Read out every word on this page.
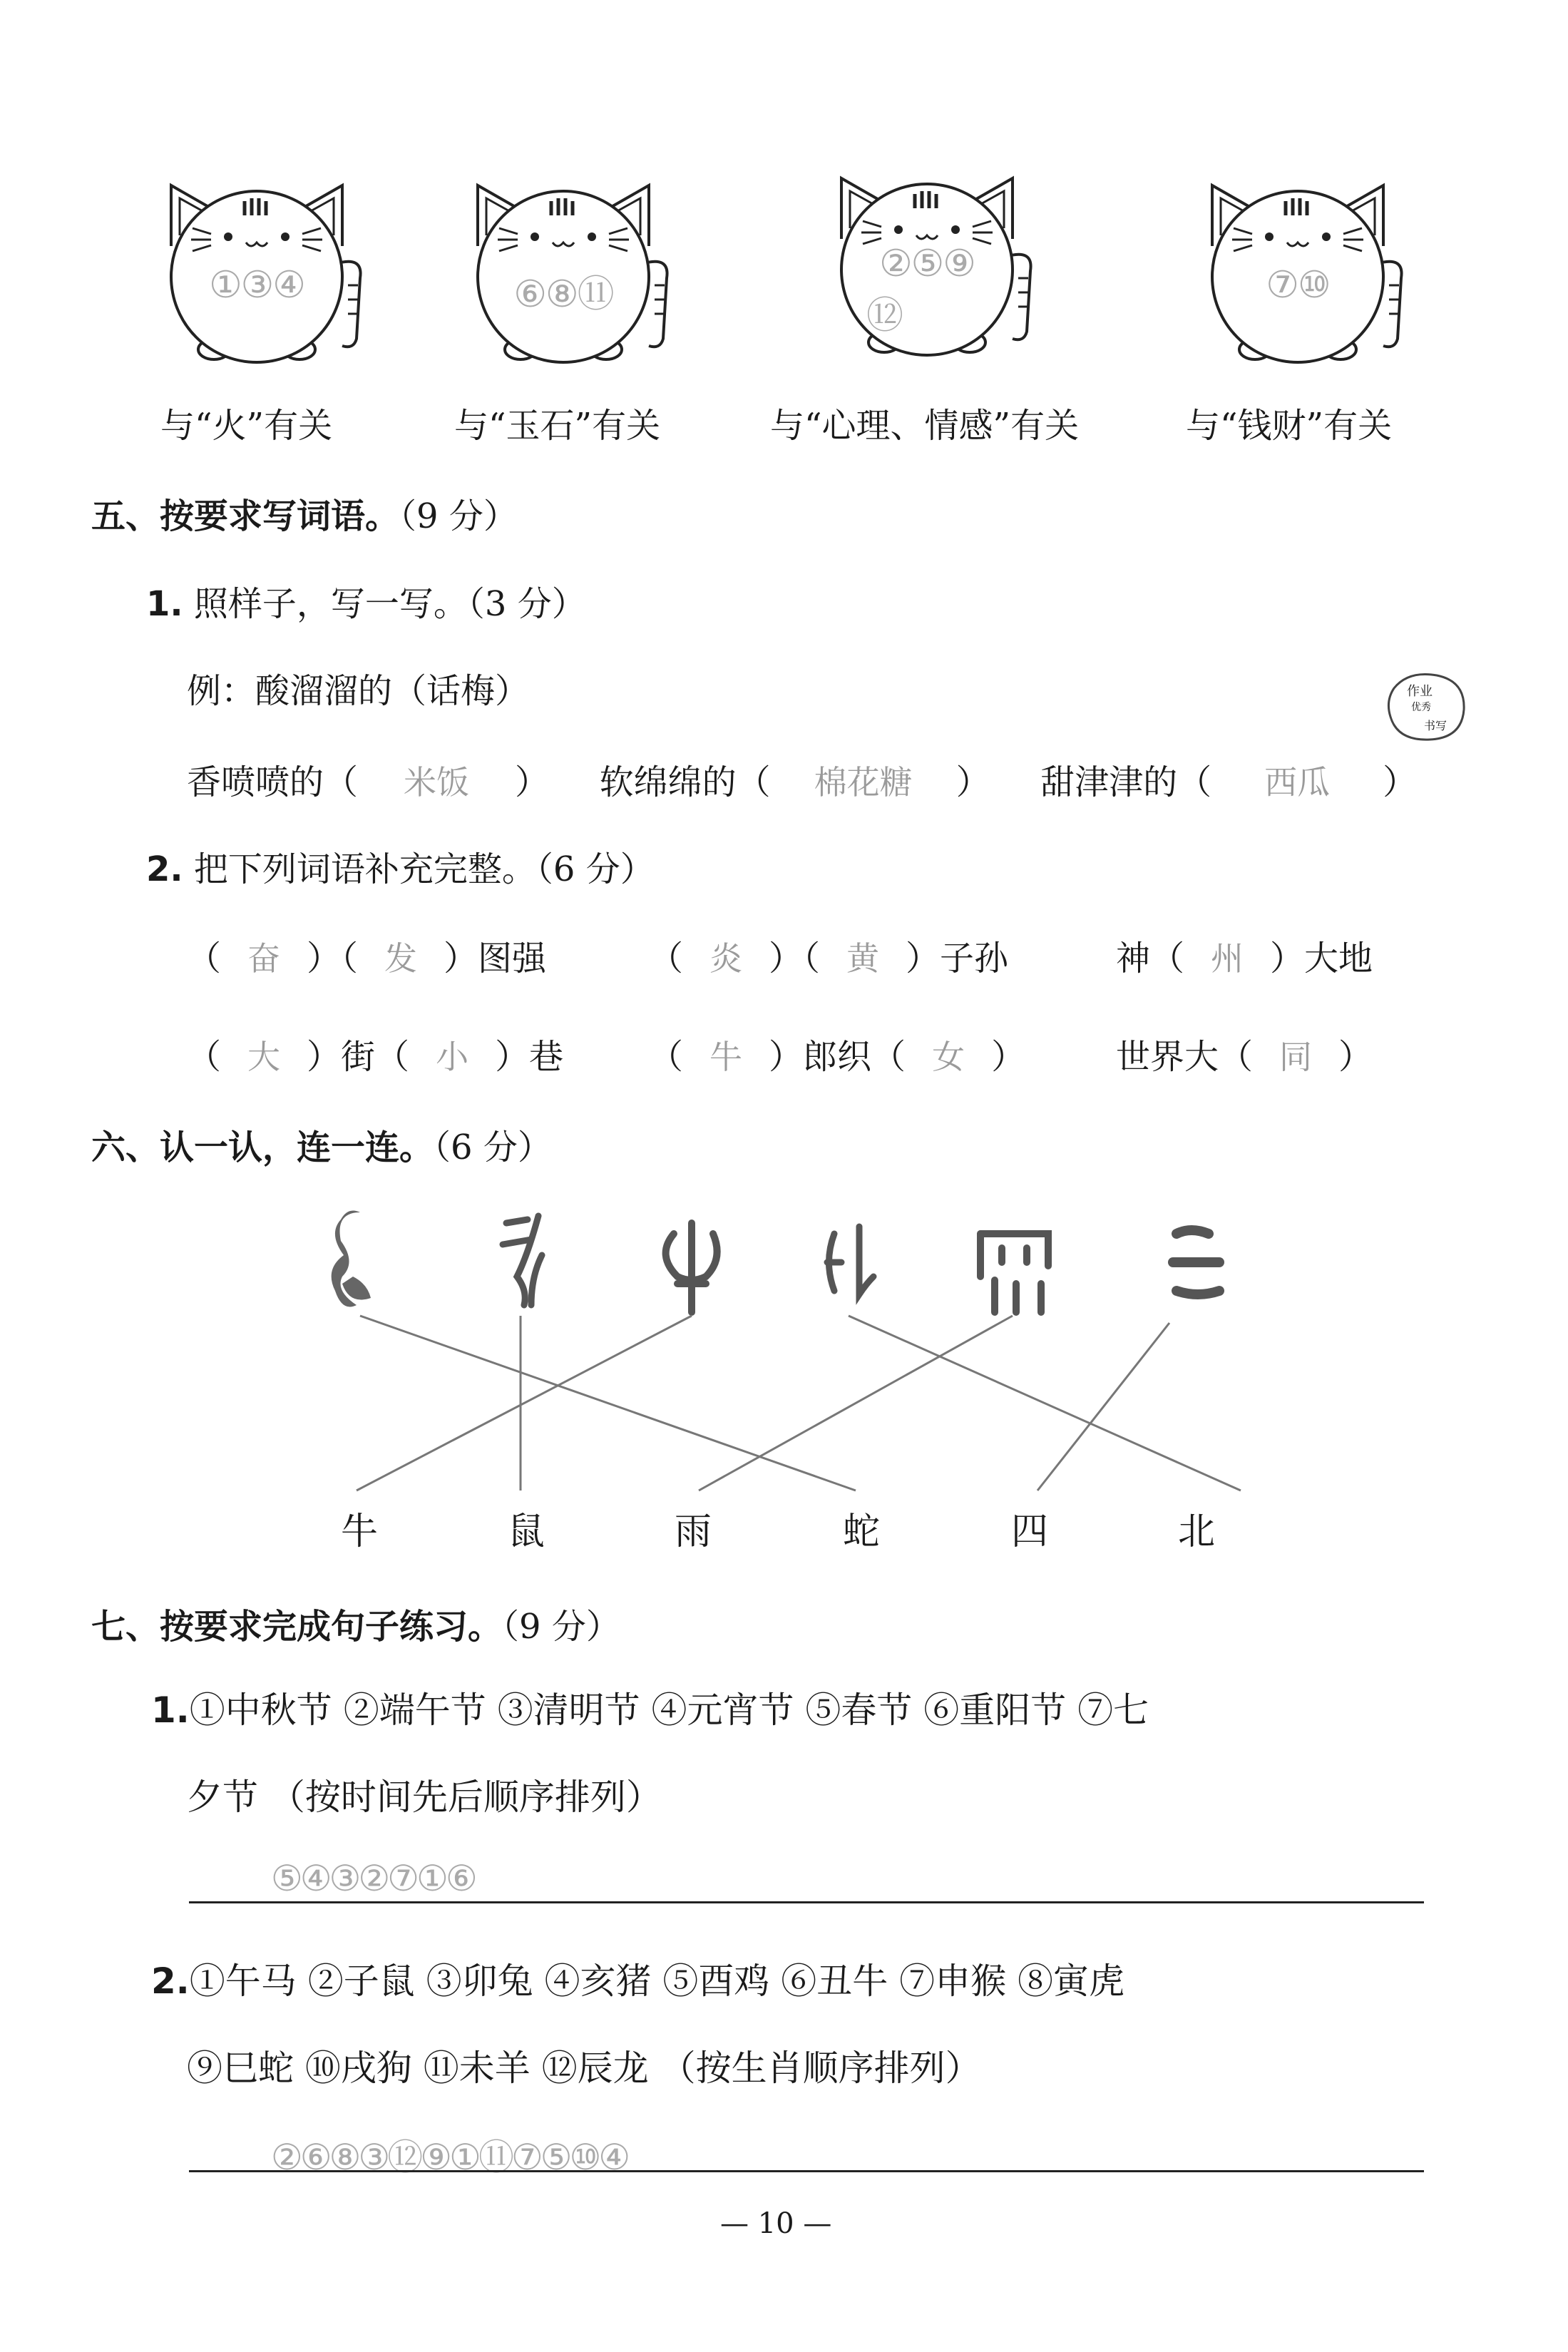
①③④	⑥⑧⑪
②⑤⑨
⑫
⑦⑩
与“火”有关	与“玉石”有关	与“心理、情感”有关	与“钱财”有关
五、按要求写词语。（9 分）
1. 照样子，写一写。（3 分）
例：酸溜溜的（话梅）
香喷喷的（ 米饭 ） 软绵绵的（ 棉花糖 ） 甜津津的（ 西瓜 ）
作业
优秀
书写
2. 把下列词语补充完整。（6 分）
（ 奋 ）（ 发 ）图强	（ 炎 ）（ 黄 ）子孙	神（ 州 ）大地
（ 大 ）街（ 小 ）巷 （ 牛 ）郎织（ 女 ）	世界大（ 同 ）
六、认一认，连一连。（6 分）
牛	鼠	雨	蛇	四	北
七、按要求完成句子练习。（9 分）
1.①中秋节 ②端午节 ③清明节 ④元宵节 ⑤春节 ⑥重阳节 ⑦七
夕节 （按时间先后顺序排列）
⑤④③②⑦①⑥
2.①午马 ②子鼠 ③卯兔 ④亥猪 ⑤酉鸡 ⑥丑牛 ⑦申猴 ⑧寅虎
⑨巳蛇 ⑩戌狗 ⑪未羊 ⑫辰龙 （按生肖顺序排列）
②⑥⑧③⑫⑨①⑪⑦⑤⑩④
— 10 —
